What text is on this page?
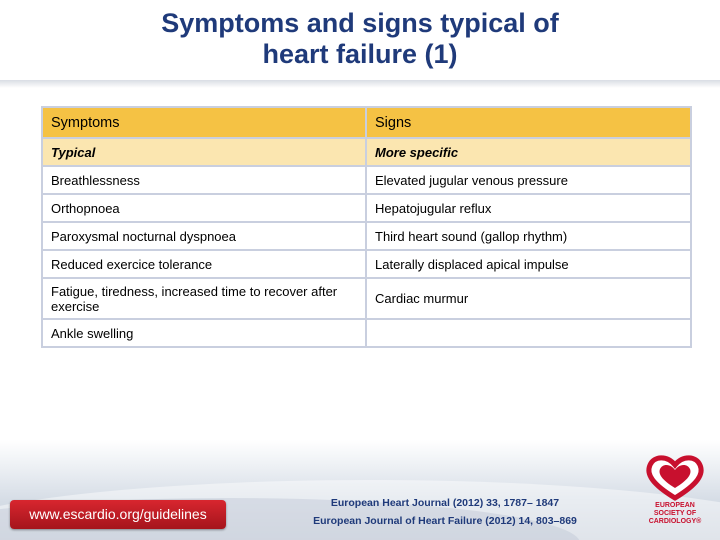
Symptoms and signs typical of
heart failure (1)
Symptoms	Signs
Typical	More specific
Breathlessness	Elevated jugular venous pressure
Orthopnoea	Hepatojugular reflux
Paroxysmal nocturnal dyspnoea	Third heart sound (gallop rhythm)
Reduced exercice tolerance	Laterally displaced apical impulse
Fatigue, tiredness, increased time to recover after exercise	Cardiac murmur
Ankle swelling	
www.escardio.org/guidelines
European Heart Journal (2012) 33, 1787– 1847
European Journal of Heart Failure (2012) 14, 803–869
EUROPEAN
SOCIETY OF
CARDIOLOGY®
